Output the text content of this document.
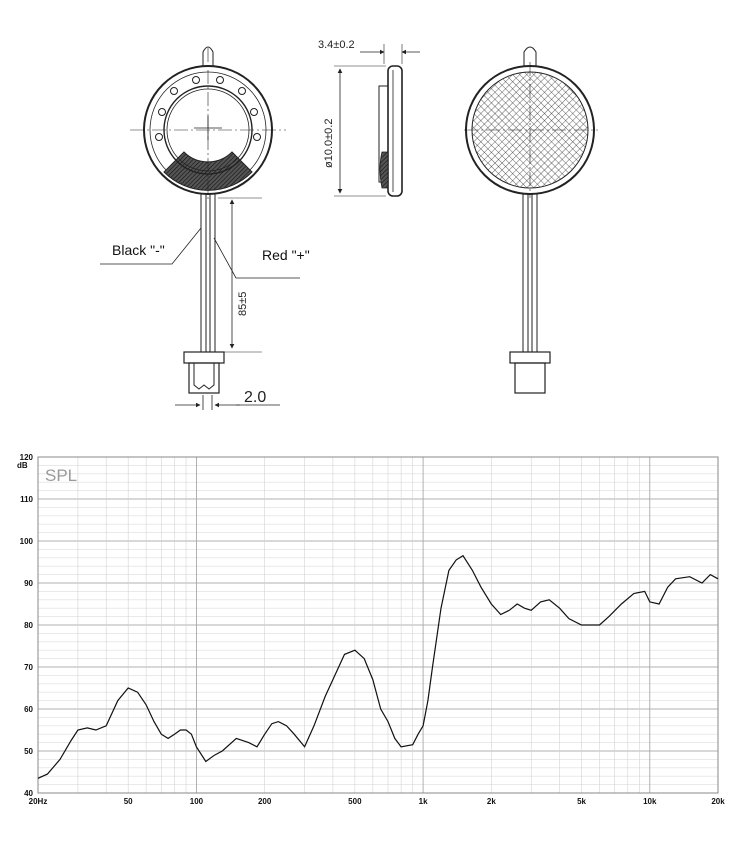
Black "-"	Red "+"
85±5
2.0
3.4±0.2
ø10.0±0.2
40
50
60
70
80
90
100
110
120
20Hz	50	100	200	500	1k	2k	5k	10k	20k
dB
SPL
